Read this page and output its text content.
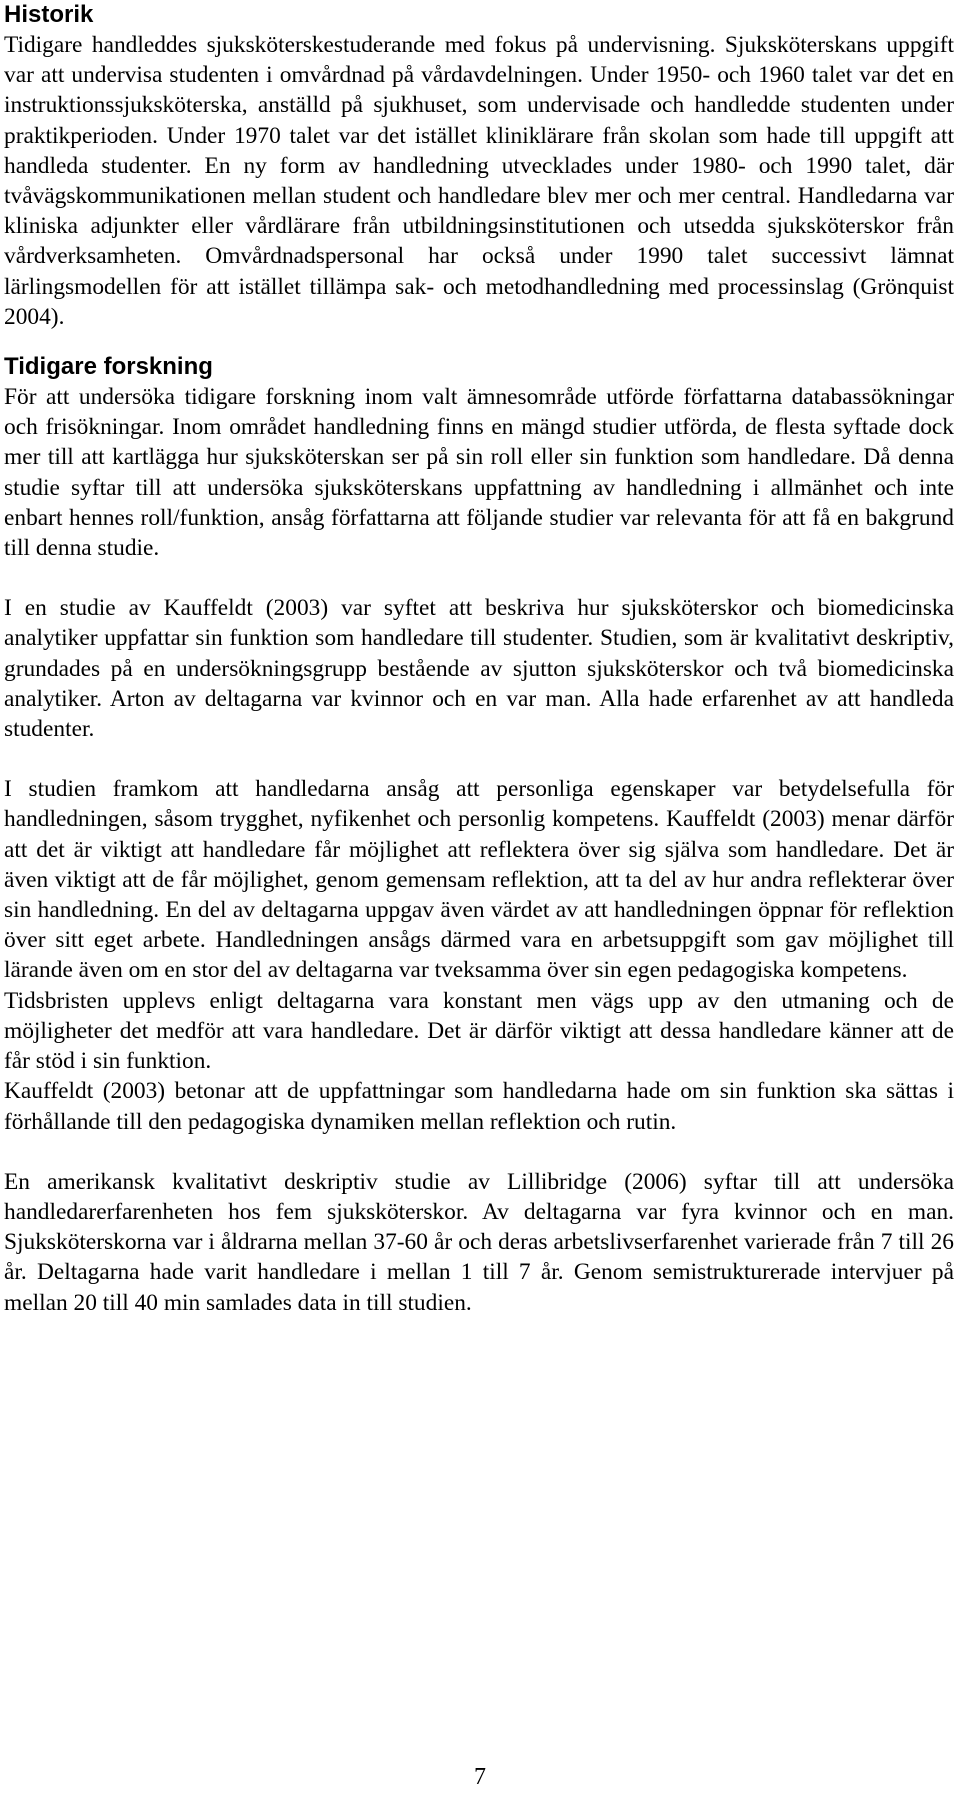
Historik

Tidigare handleddes sjuksköterskestuderande med fokus på undervisning. Sjuksköterskans uppgift var att undervisa studenten i omvårdnad på vårdavdelningen. Under 1950- och 1960 talet var det en instruktionssjuksköterska, anställd på sjukhuset, som undervisade och handledde studenten under praktikperioden. Under 1970 talet var det istället kliniklärare från skolan som hade till uppgift att handleda studenter. En ny form av handledning utvecklades under 1980- och 1990 talet, där tvåvägskommunikationen mellan student och handledare blev mer och mer central. Handledarna var kliniska adjunkter eller vårdlärare från utbildningsinstitutionen och utsedda sjuksköterskor från vårdverksamheten. Omvårdnadspersonal har också under 1990 talet successivt lämnat lärlingsmodellen för att istället tillämpa sak- och metodhandledning med processinslag (Grönquist 2004).

Tidigare forskning

För att undersöka tidigare forskning inom valt ämnesområde utförde författarna databassökningar och frisökningar. Inom området handledning finns en mängd studier utförda, de flesta syftade dock mer till att kartlägga hur sjuksköterskan ser på sin roll eller sin funktion som handledare. Då denna studie syftar till att undersöka sjuksköterskans uppfattning av handledning i allmänhet och inte enbart hennes roll/funktion, ansåg författarna att följande studier var relevanta för att få en bakgrund till denna studie.

I en studie av Kauffeldt (2003) var syftet att beskriva hur sjuksköterskor och biomedicinska analytiker uppfattar sin funktion som handledare till studenter. Studien, som är kvalitativt deskriptiv, grundades på en undersökningsgrupp bestående av sjutton sjuksköterskor och två biomedicinska analytiker. Arton av deltagarna var kvinnor och en var man. Alla hade erfarenhet av att handleda studenter.

I studien framkom att handledarna ansåg att personliga egenskaper var betydelsefulla för handledningen, såsom trygghet, nyfikenhet och personlig kompetens. Kauffeldt (2003) menar därför att det är viktigt att handledare får möjlighet att reflektera över sig själva som handledare. Det är även viktigt att de får möjlighet, genom gemensam reflektion, att ta del av hur andra reflekterar över sin handledning. En del av deltagarna uppgav även värdet av att handledningen öppnar för reflektion över sitt eget arbete. Handledningen ansågs därmed vara en arbetsuppgift som gav möjlighet till lärande även om en stor del av deltagarna var tveksamma över sin egen pedagogiska kompetens.

Tidsbristen upplevs enligt deltagarna vara konstant men vägs upp av den utmaning och de möjligheter det medför att vara handledare. Det är därför viktigt att dessa handledare känner att de får stöd i sin funktion.

Kauffeldt (2003) betonar att de uppfattningar som handledarna hade om sin funktion ska sättas i förhållande till den pedagogiska dynamiken mellan reflektion och rutin.

En amerikansk kvalitativt deskriptiv studie av Lillibridge (2006) syftar till att undersöka handledarerfarenheten hos fem sjuksköterskor. Av deltagarna var fyra kvinnor och en man. Sjuksköterskorna var i åldrarna mellan 37-60 år och deras arbetslivserfarenhet varierade från 7 till 26 år. Deltagarna hade varit handledare i mellan 1 till 7 år. Genom semistrukturerade intervjuer på mellan 20 till 40 min samlades data in till studien.

7
